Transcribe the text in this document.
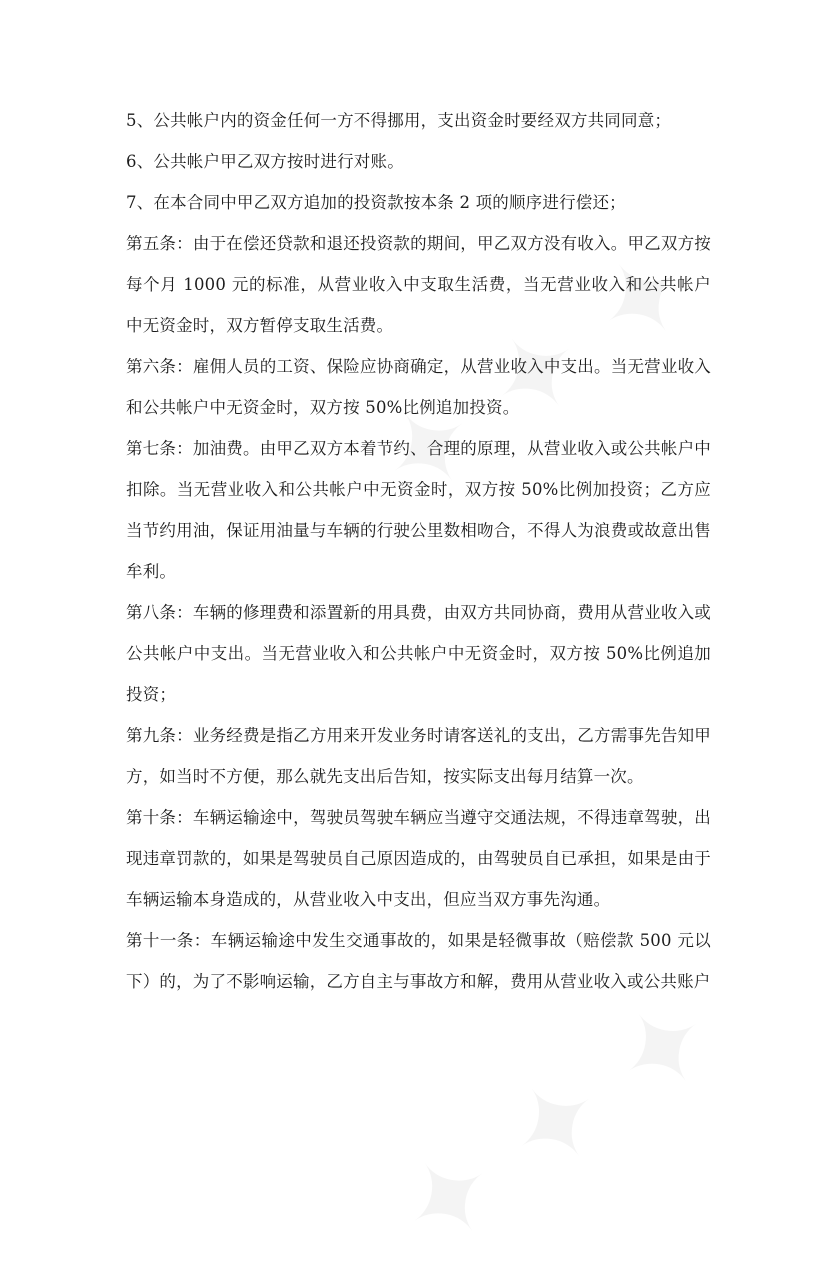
5、公共帐户内的资金任何一方不得挪用，支出资金时要经双方共同同意；

6、公共帐户甲乙双方按时进行对账。

7、在本合同中甲乙双方追加的投资款按本条 2 项的顺序进行偿还；

第五条：由于在偿还贷款和退还投资款的期间，甲乙双方没有收入。甲乙双方按每个月 1000 元的标准，从营业收入中支取生活费，当无营业收入和公共帐户中无资金时，双方暂停支取生活费。

第六条：雇佣人员的工资、保险应协商确定，从营业收入中支出。当无营业收入和公共帐户中无资金时，双方按 50%比例追加投资。

第七条：加油费。由甲乙双方本着节约、合理的原理，从营业收入或公共帐户中扣除。当无营业收入和公共帐户中无资金时，双方按 50%比例加投资；乙方应当节约用油，保证用油量与车辆的行驶公里数相吻合，不得人为浪费或故意出售牟利。

第八条：车辆的修理费和添置新的用具费，由双方共同协商，费用从营业收入或公共帐户中支出。当无营业收入和公共帐户中无资金时，双方按 50%比例追加投资；

第九条：业务经费是指乙方用来开发业务时请客送礼的支出，乙方需事先告知甲方，如当时不方便，那么就先支出后告知，按实际支出每月结算一次。

第十条：车辆运输途中，驾驶员驾驶车辆应当遵守交通法规，不得违章驾驶，出现违章罚款的，如果是驾驶员自己原因造成的，由驾驶员自已承担，如果是由于车辆运输本身造成的，从营业收入中支出，但应当双方事先沟通。

第十一条：车辆运输途中发生交通事故的，如果是轻微事故（赔偿款 500 元以下）的，为了不影响运输，乙方自主与事故方和解，费用从营业收入或公共账户
